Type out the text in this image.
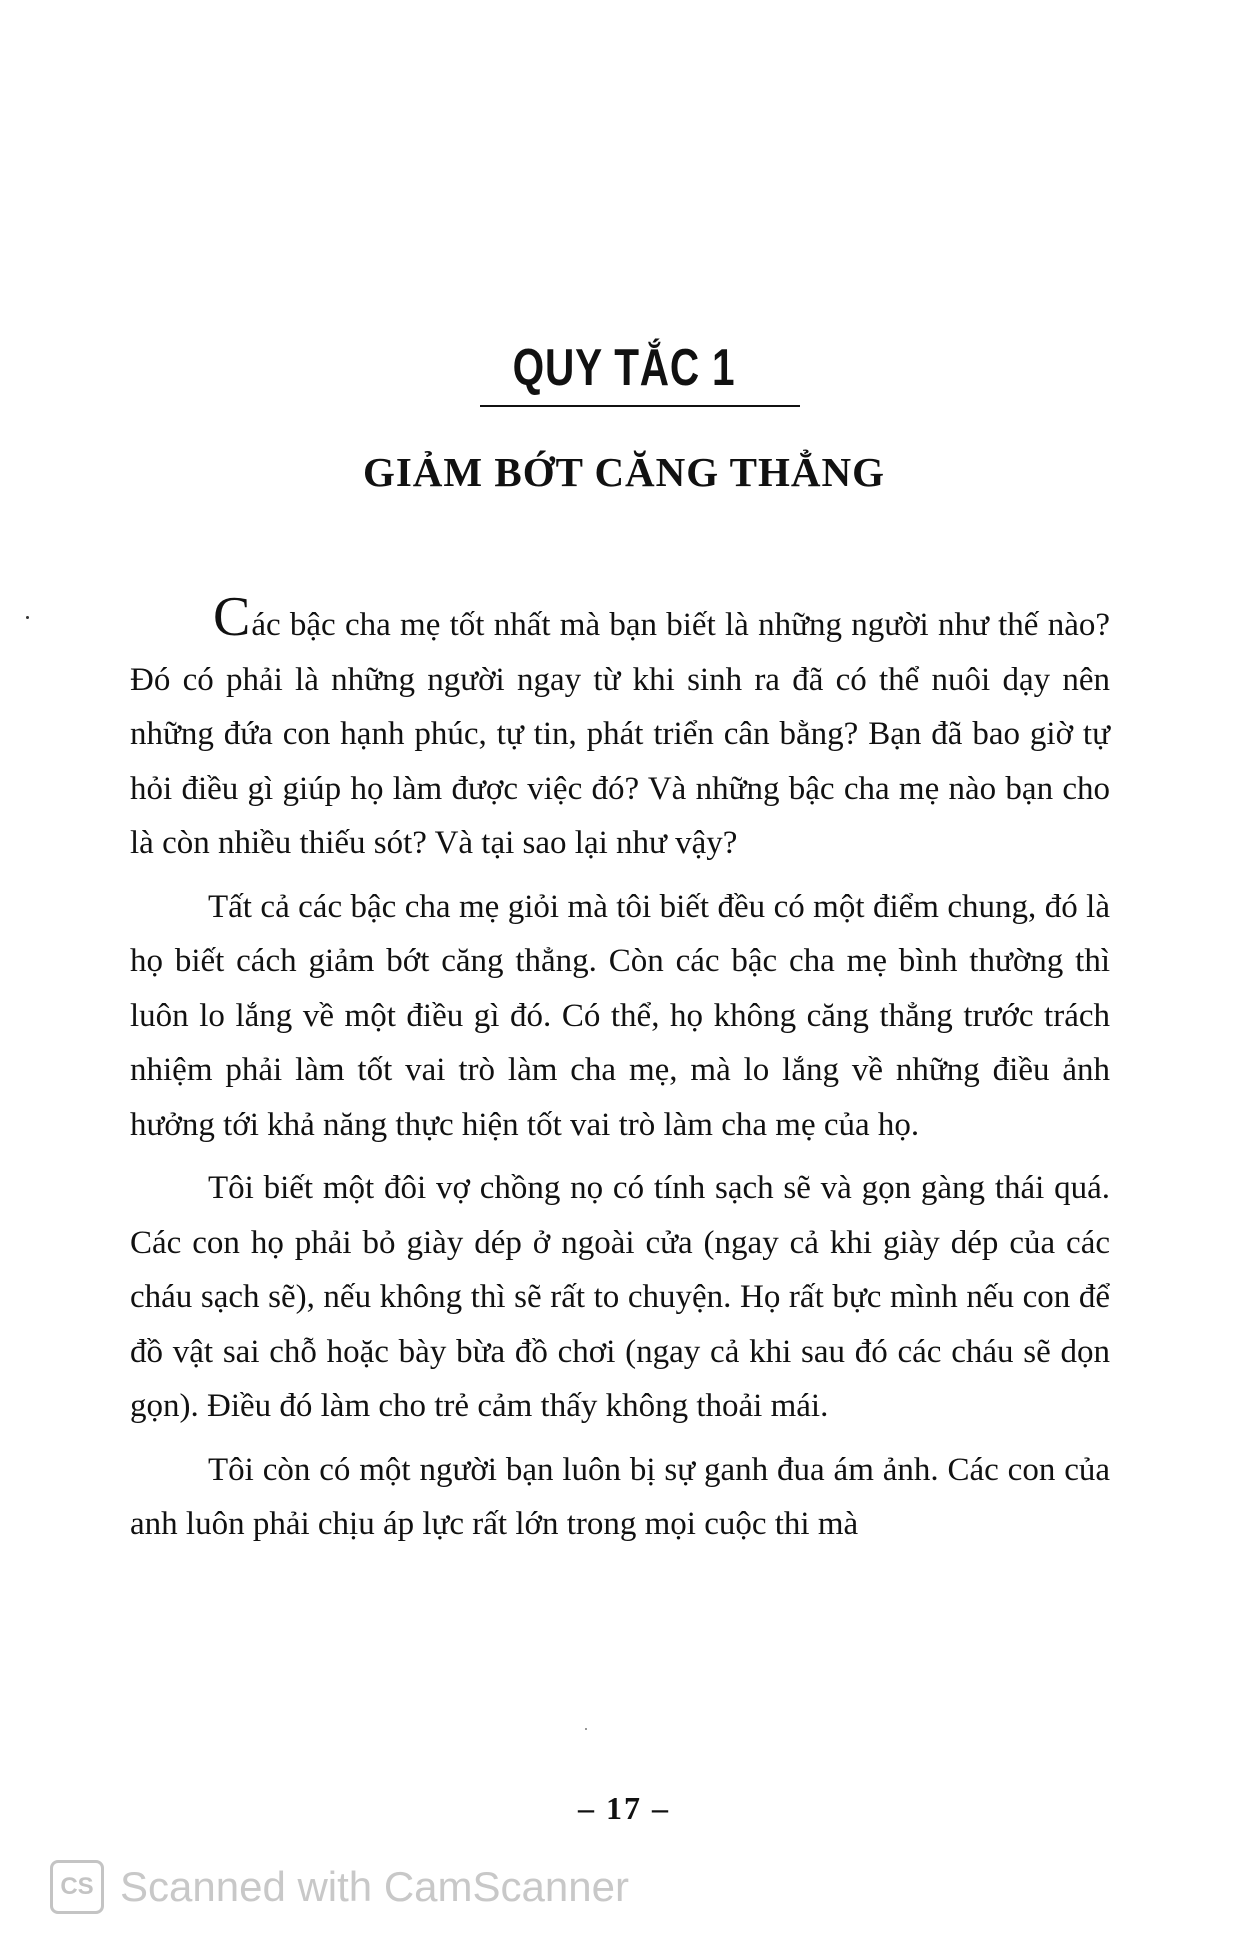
QUY TẮC 1
GIẢM BỚT CĂNG THẲNG

Các bậc cha mẹ tốt nhất mà bạn biết là những người như thế nào? Đó có phải là những người ngay từ khi sinh ra đã có thể nuôi dạy nên những đứa con hạnh phúc, tự tin, phát triển cân bằng? Bạn đã bao giờ tự hỏi điều gì giúp họ làm được việc đó? Và những bậc cha mẹ nào bạn cho là còn nhiều thiếu sót? Và tại sao lại như vậy?

Tất cả các bậc cha mẹ giỏi mà tôi biết đều có một điểm chung, đó là họ biết cách giảm bớt căng thẳng. Còn các bậc cha mẹ bình thường thì luôn lo lắng về một điều gì đó. Có thể, họ không căng thẳng trước trách nhiệm phải làm tốt vai trò làm cha mẹ, mà lo lắng về những điều ảnh hưởng tới khả năng thực hiện tốt vai trò làm cha mẹ của họ.

Tôi biết một đôi vợ chồng nọ có tính sạch sẽ và gọn gàng thái quá. Các con họ phải bỏ giày dép ở ngoài cửa (ngay cả khi giày dép của các cháu sạch sẽ), nếu không thì sẽ rất to chuyện. Họ rất bực mình nếu con để đồ vật sai chỗ hoặc bày bừa đồ chơi (ngay cả khi sau đó các cháu sẽ dọn gọn). Điều đó làm cho trẻ cảm thấy không thoải mái.

Tôi còn có một người bạn luôn bị sự ganh đua ám ảnh. Các con của anh luôn phải chịu áp lực rất lớn trong mọi cuộc thi mà

– 17 –
CS Scanned with CamScanner
